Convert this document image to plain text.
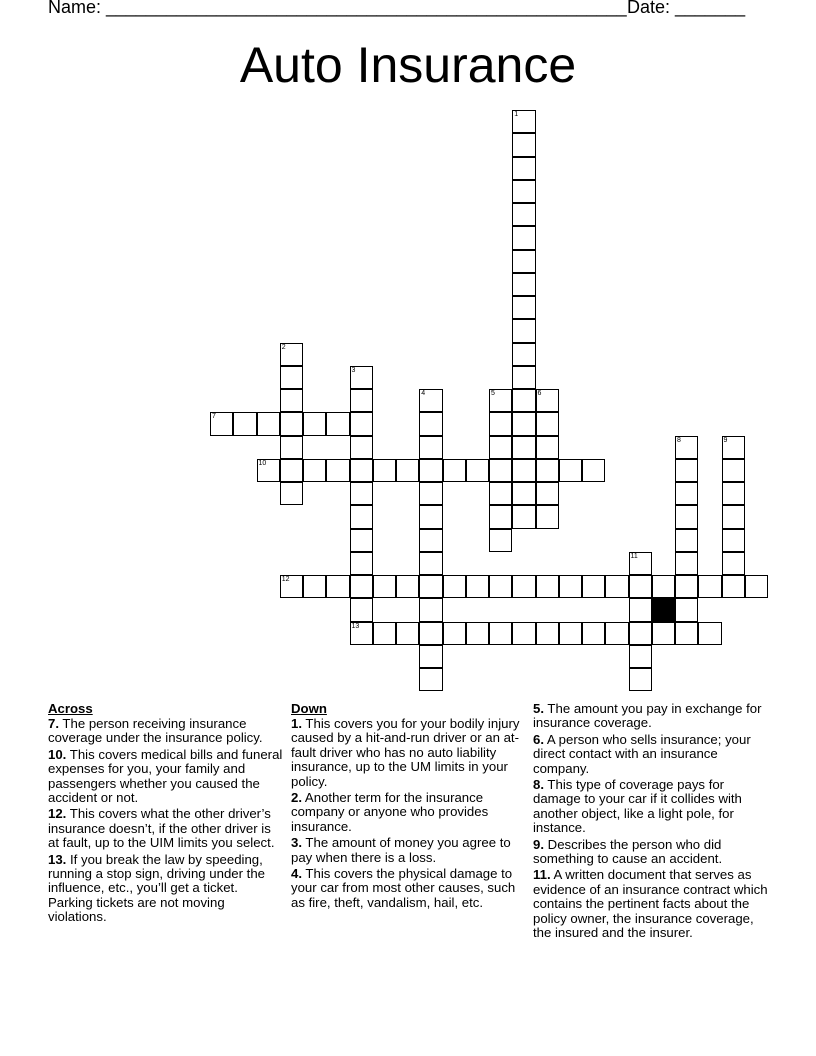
Name: ____________________________________________________ Date: _______
Auto Insurance
1
2
3
13
4	5	6
7
8	9
10
11
12
Across
7. The person receiving insurance coverage under the insurance policy.
10. This covers medical bills and funeral expenses for you, your family and passengers whether you caused the accident or not.
12. This covers what the other driver’s insurance doesn’t, if the other driver is at fault, up to the UIM limits you select.
13. If you break the law by speeding, running a stop sign, driving under the influence, etc., you’ll get a ticket. Parking tickets are not moving violations.
Down
1. This covers you for your bodily injury caused by a hit-and-run driver or an at-fault driver who has no auto liability insurance, up to the UM limits in your policy.
2. Another term for the insurance company or anyone who provides insurance.
3. The amount of money you agree to pay when there is a loss.
4. This covers the physical damage to your car from most other causes, such as fire, theft, vandalism, hail, etc.
5. The amount you pay in exchange for insurance coverage.
6. A person who sells insurance; your direct contact with an insurance company.
8. This type of coverage pays for damage to your car if it collides with another object, like a light pole, for instance.
9. Describes the person who did something to cause an accident.
11. A written document that serves as evidence of an insurance contract which contains the pertinent facts about the policy owner, the insurance coverage, the insured and the insurer.
